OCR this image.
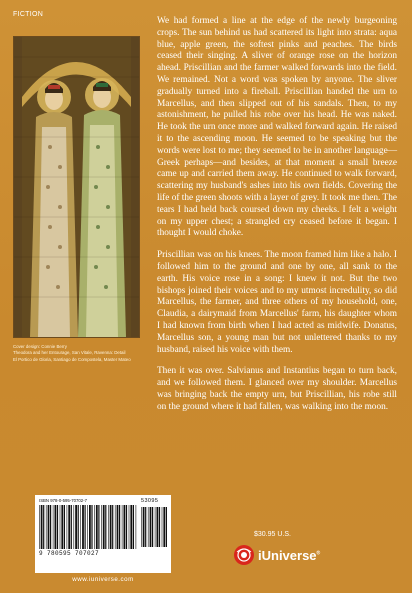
FICTION
Cover design: Connie Berry
Theodora and her Entourage, San Vitale, Ravenna: Detail
El Portico de Gloria, Santiago de Compostela, Master Mateo

We had formed a line at the edge of the newly burgeoning crops. The sun behind us had scattered its light into strata: aqua blue, apple green, the softest pinks and peaches. The birds ceased their singing. A sliver of orange rose on the horizon ahead. Priscillian and the farmer walked forwards into the field. We remained. Not a word was spoken by anyone. The sliver gradually turned into a fireball. Priscillian handed the urn to Marcellus, and then slipped out of his sandals. Then, to my astonishment, he pulled his robe over his head. He was naked. He took the urn once more and walked forward again. He raised it to the ascending moon. He seemed to be speaking but the words were lost to me; they seemed to be in another language—Greek perhaps—and besides, at that moment a small breeze came up and carried them away. He continued to walk forward, scattering my husband's ashes into his own fields. Covering the life of the green shoots with a layer of grey. It took me then. The tears I had held back coursed down my cheeks. I felt a weight on my upper chest; a strangled cry ceased before it began. I thought I would choke.

Priscillian was on his knees. The moon framed him like a halo. I followed him to the ground and one by one, all sank to the earth. His voice rose in a song: I knew it not. But the two bishops joined their voices and to my utmost incredulity, so did Marcellus, the farmer, and three others of my household, one, Claudia, a dairymaid from Marcellus' farm, his daughter whom I had known from birth when I had acted as midwife. Donatus, Marcellus son, a young man but not unlettered thanks to my husband, raised his voice with them.

Then it was over. Salvianus and Instantius began to turn back, and we followed them. I glanced over my shoulder. Marcellus was bringing back the empty urn, but Priscillian, his robe still on the ground where it had fallen, was walking into the moon.

ISBN 978-0-595-70702-7	53095
9 780595 707027
www.iuniverse.com
$30.95 U.S.
iUniverse®
